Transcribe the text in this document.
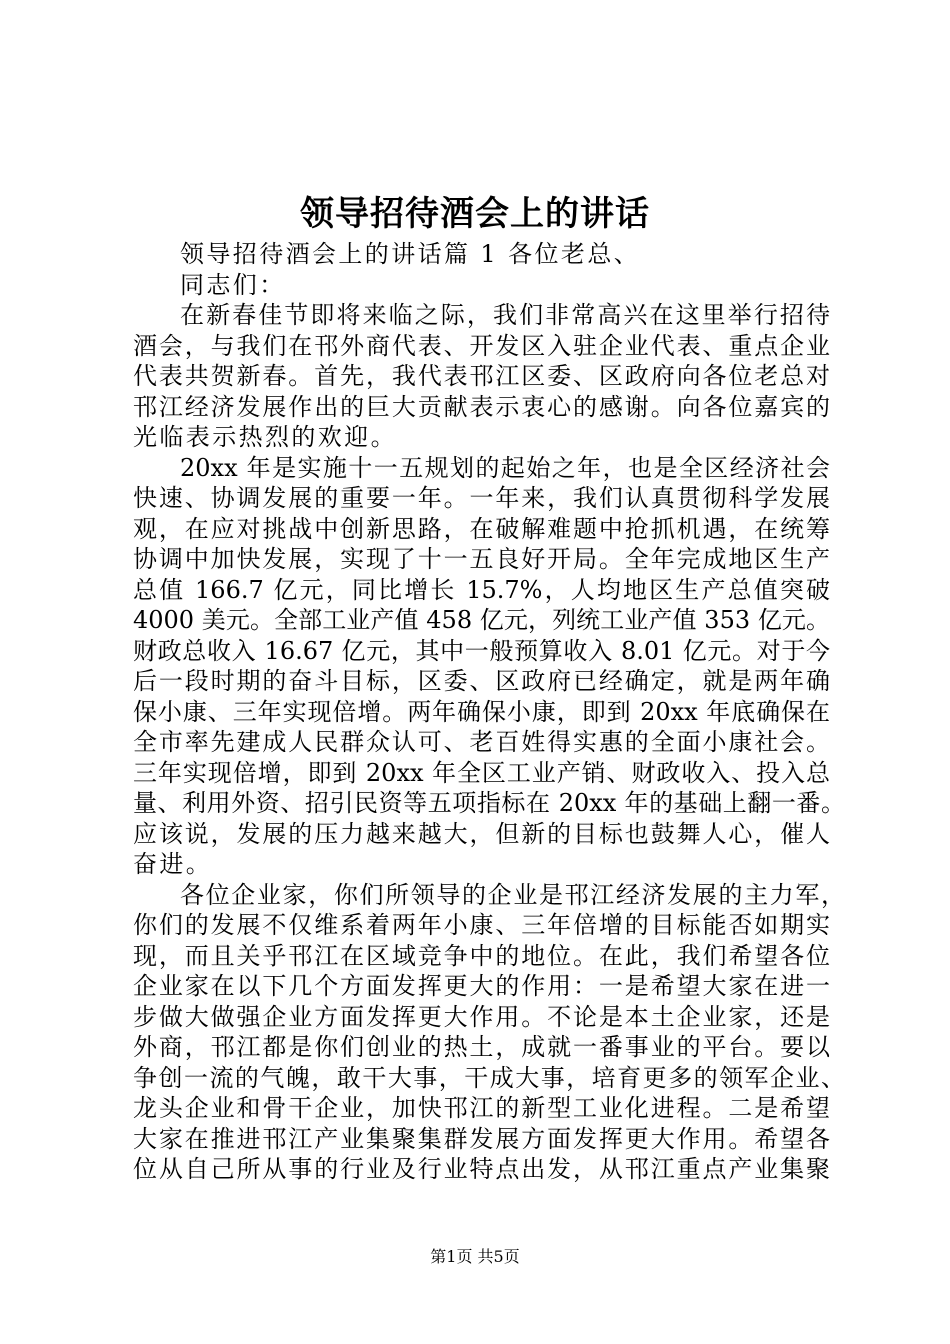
领导招待酒会上的讲话
领导招待酒会上的讲话篇 1 各位老总、
同志们：
在新春佳节即将来临之际，我们非常高兴在这里举行招待
酒会，与我们在邗外商代表、开发区入驻企业代表、重点企业
代表共贺新春。首先，我代表邗江区委、区政府向各位老总对
邗江经济发展作出的巨大贡献表示衷心的感谢。向各位嘉宾的
光临表示热烈的欢迎。
20xx 年是实施十一五规划的起始之年，也是全区经济社会
快速、协调发展的重要一年。一年来，我们认真贯彻科学发展
观，在应对挑战中创新思路，在破解难题中抢抓机遇，在统筹
协调中加快发展，实现了十一五良好开局。全年完成地区生产
总值 166.7 亿元，同比增长 15.7%，人均地区生产总值突破
4000 美元。全部工业产值 458 亿元，列统工业产值 353 亿元。
财政总收入 16.67 亿元，其中一般预算收入 8.01 亿元。对于今
后一段时期的奋斗目标，区委、区政府已经确定，就是两年确
保小康、三年实现倍增。两年确保小康，即到 20xx 年底确保在
全市率先建成人民群众认可、老百姓得实惠的全面小康社会。
三年实现倍增，即到 20xx 年全区工业产销、财政收入、投入总
量、利用外资、招引民资等五项指标在 20xx 年的基础上翻一番。
应该说，发展的压力越来越大，但新的目标也鼓舞人心，催人
奋进。
各位企业家，你们所领导的企业是邗江经济发展的主力军，
你们的发展不仅维系着两年小康、三年倍增的目标能否如期实
现，而且关乎邗江在区域竞争中的地位。在此，我们希望各位
企业家在以下几个方面发挥更大的作用：一是希望大家在进一
步做大做强企业方面发挥更大作用。不论是本土企业家，还是
外商，邗江都是你们创业的热土，成就一番事业的平台。要以
争创一流的气魄，敢干大事，干成大事，培育更多的领军企业、
龙头企业和骨干企业，加快邗江的新型工业化进程。二是希望
大家在推进邗江产业集聚集群发展方面发挥更大作用。希望各
位从自己所从事的行业及行业特点出发，从邗江重点产业集聚
第1页 共5页
